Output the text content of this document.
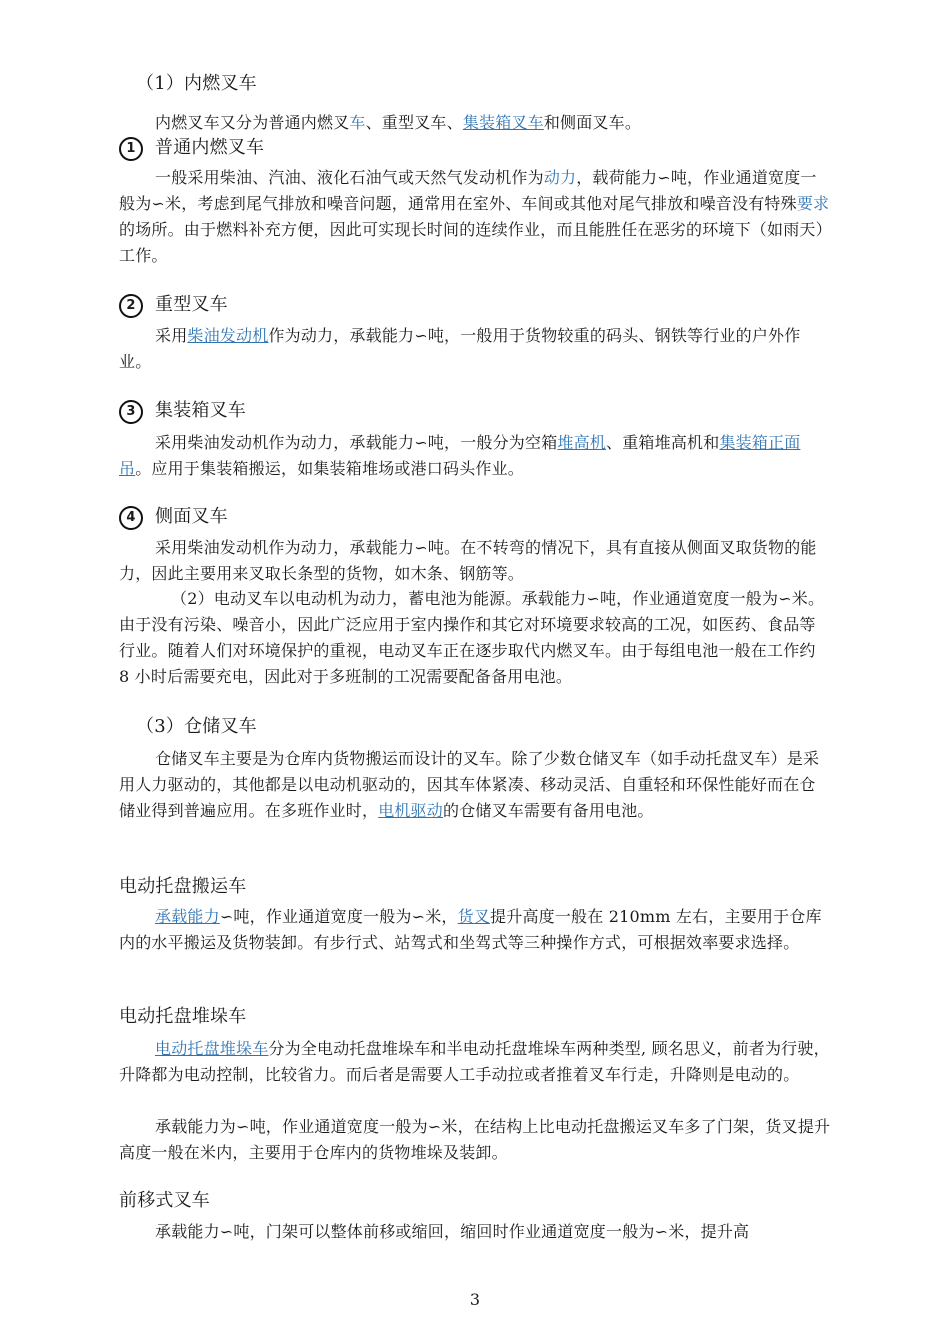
（1）内燃叉车
内燃叉车又分为普通内燃叉车、重型叉车、集装箱叉车和侧面叉车。
1 普通内燃叉车
一般采用柴油、汽油、液化石油气或天然气发动机作为动力，载荷能力∽吨，作业通道宽度一般为∽米，考虑到尾气排放和噪音问题，通常用在室外、车间或其他对尾气排放和噪音没有特殊要求的场所。由于燃料补充方便，因此可实现长时间的连续作业，而且能胜任在恶劣的环境下（如雨天）工作。
2 重型叉车
采用柴油发动机作为动力，承载能力∽吨，一般用于货物较重的码头、钢铁等行业的户外作业。
3 集装箱叉车
采用柴油发动机作为动力，承载能力∽吨，一般分为空箱堆高机、重箱堆高机和集装箱正面吊。应用于集装箱搬运，如集装箱堆场或港口码头作业。
4 侧面叉车
采用柴油发动机作为动力，承载能力∽吨。在不转弯的情况下，具有直接从侧面叉取货物的能力，因此主要用来叉取长条型的货物，如木条、钢筋等。
（2）电动叉车以电动机为动力，蓄电池为能源。承载能力∽吨，作业通道宽度一般为∽米。由于没有污染、噪音小，因此广泛应用于室内操作和其它对环境要求较高的工况，如医药、食品等行业。随着人们对环境保护的重视，电动叉车正在逐步取代内燃叉车。由于每组电池一般在工作约 8 小时后需要充电，因此对于多班制的工况需要配备备用电池。
（3）仓储叉车
仓储叉车主要是为仓库内货物搬运而设计的叉车。除了少数仓储叉车（如手动托盘叉车）是采用人力驱动的，其他都是以电动机驱动的，因其车体紧凑、移动灵活、自重轻和环保性能好而在仓储业得到普遍应用。在多班作业时，电机驱动的仓储叉车需要有备用电池。
电动托盘搬运车
承载能力∽吨，作业通道宽度一般为∽米，货叉提升高度一般在 210mm 左右，主要用于仓库内的水平搬运及货物装卸。有步行式、站驾式和坐驾式等三种操作方式，可根据效率要求选择。
电动托盘堆垛车
电动托盘堆垛车分为全电动托盘堆垛车和半电动托盘堆垛车两种类型, 顾名思义，前者为行驶，升降都为电动控制，比较省力。而后者是需要人工手动拉或者推着叉车行走，升降则是电动的。
承载能力为∽吨，作业通道宽度一般为∽米，在结构上比电动托盘搬运叉车多了门架，货叉提升高度一般在米内，主要用于仓库内的货物堆垛及装卸。
前移式叉车
承载能力∽吨，门架可以整体前移或缩回，缩回时作业通道宽度一般为∽米，提升高
3
